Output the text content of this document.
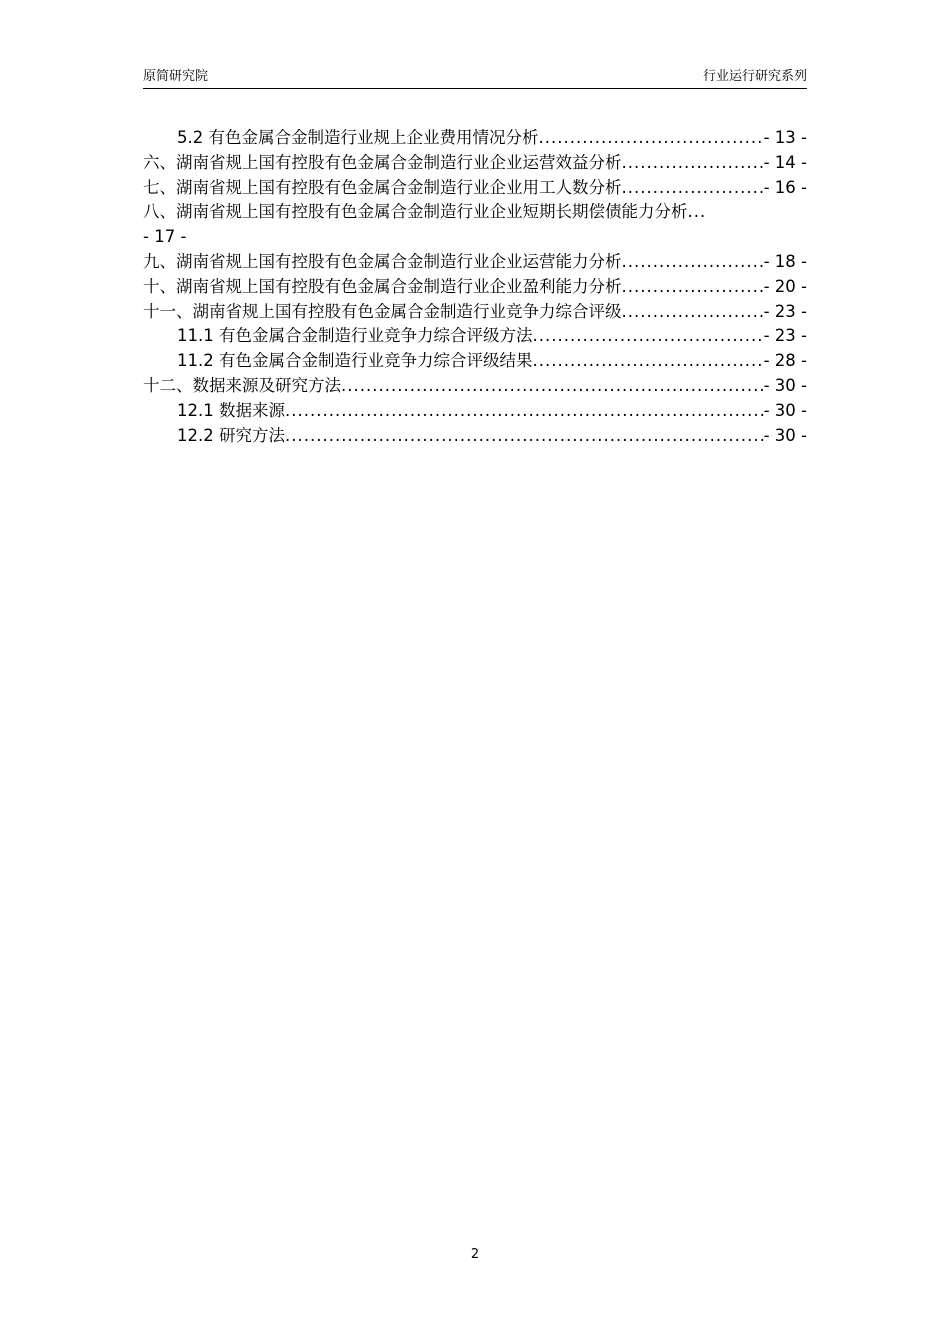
原简研究院	行业运行研究系列
5.2 有色金属合金制造行业规上企业费用情况分析 .....	- 13 -
六、湖南省规上国有控股有色金属合金制造行业企业运营效益分析 .....	- 14 -
七、湖南省规上国有控股有色金属合金制造行业企业用工人数分析 .....	- 16 -
八、湖南省规上国有控股有色金属合金制造行业企业短期长期偿债能力分析
...
- 17 -
九、湖南省规上国有控股有色金属合金制造行业企业运营能力分析 .....	- 18 -
十、湖南省规上国有控股有色金属合金制造行业企业盈利能力分析 .....	- 20 -
十一、湖南省规上国有控股有色金属合金制造行业竞争力综合评级 .....	- 23 -
11.1 有色金属合金制造行业竞争力综合评级方法 .....	- 23 -
11.2 有色金属合金制造行业竞争力综合评级结果 .....	- 28 -
十二、数据来源及研究方法 .....	- 30 -
12.1 数据来源 .....	- 30 -
12.2 研究方法 .....	- 30 -
2
